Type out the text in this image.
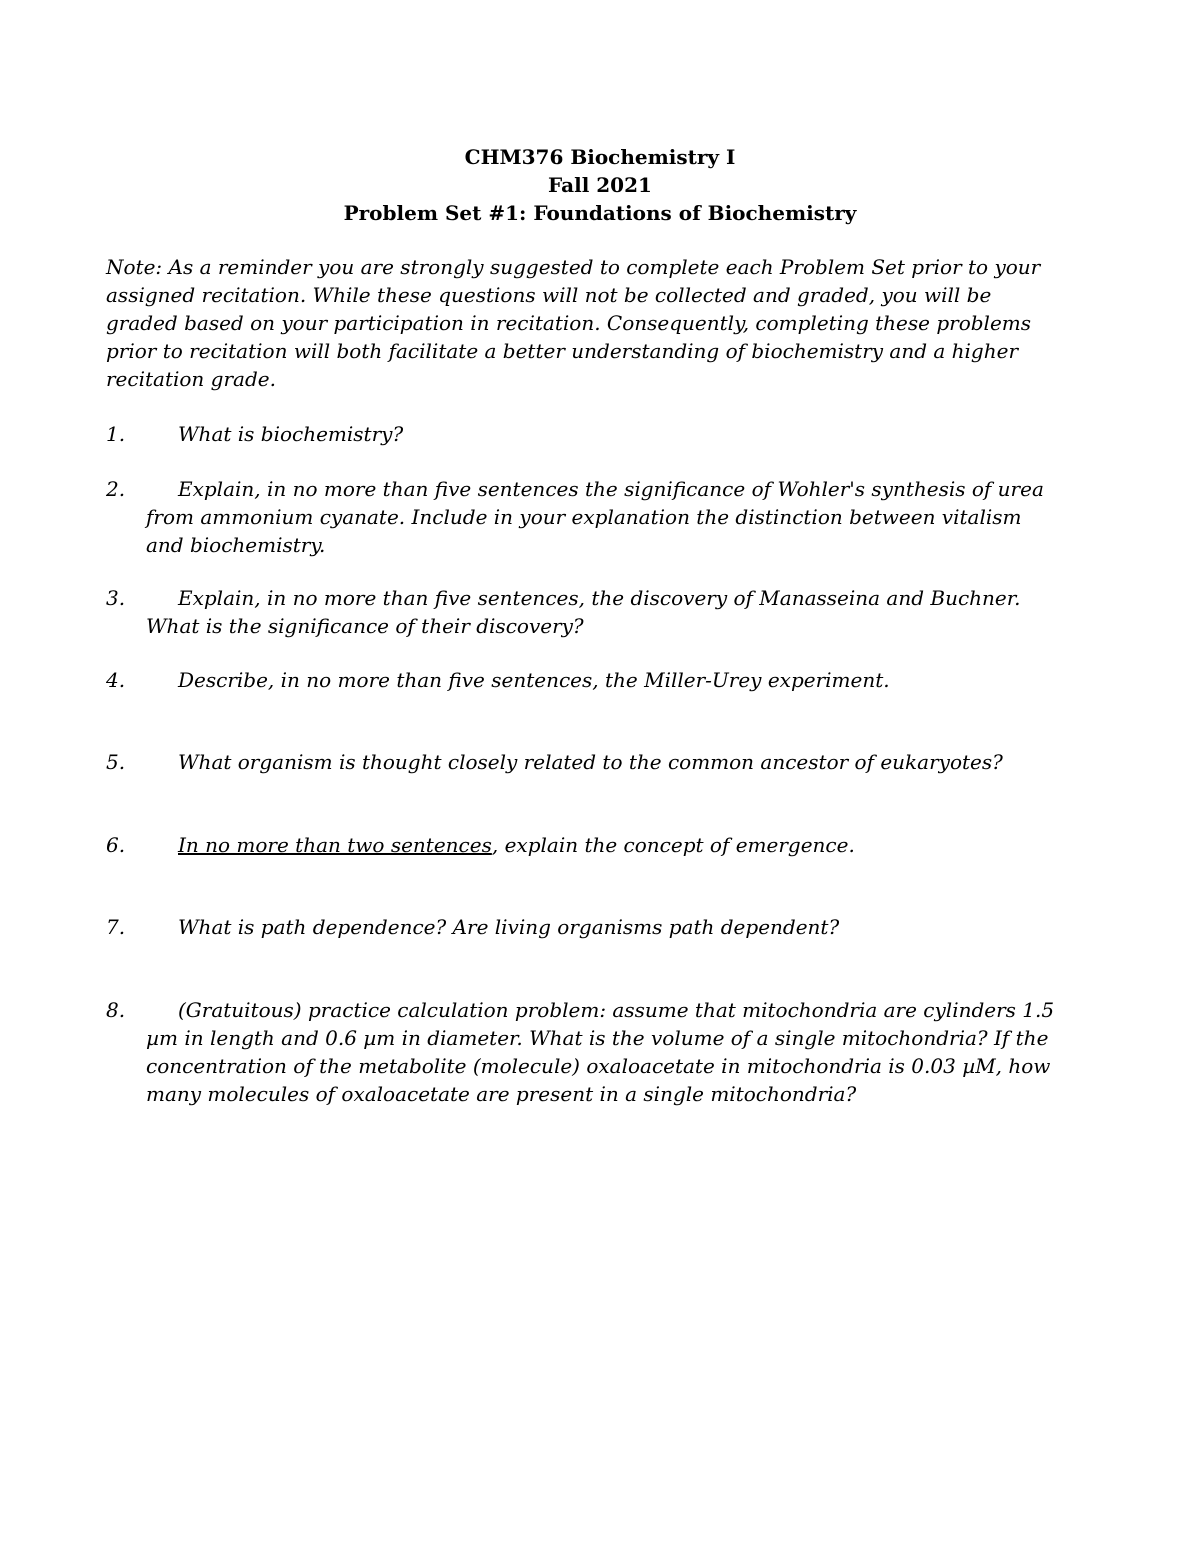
CHM376 Biochemistry I
Fall 2021
Problem Set #1: Foundations of Biochemistry
Note: As a reminder you are strongly suggested to complete each Problem Set prior to your
assigned recitation. While these questions will not be collected and graded, you will be
graded based on your participation in recitation. Consequently, completing these problems
prior to recitation will both facilitate a better understanding of biochemistry and a higher
recitation grade.
1.	What is biochemistry?
2.	Explain, in no more than five sentences the significance of Wohler's synthesis of urea
from ammonium cyanate. Include in your explanation the distinction between vitalism
and biochemistry.
3.	Explain, in no more than five sentences, the discovery of Manasseina and Buchner.
What is the significance of their discovery?
4.	Describe, in no more than five sentences, the Miller-Urey experiment.
5.	What organism is thought closely related to the common ancestor of eukaryotes?
6.	In no more than two sentences, explain the concept of emergence.
7.	What is path dependence? Are living organisms path dependent?
8.	(Gratuitous) practice calculation problem: assume that mitochondria are cylinders 1.5
µm in length and 0.6 µm in diameter. What is the volume of a single mitochondria? If the
concentration of the metabolite (molecule) oxaloacetate in mitochondria is 0.03 µM, how
many molecules of oxaloacetate are present in a single mitochondria?
